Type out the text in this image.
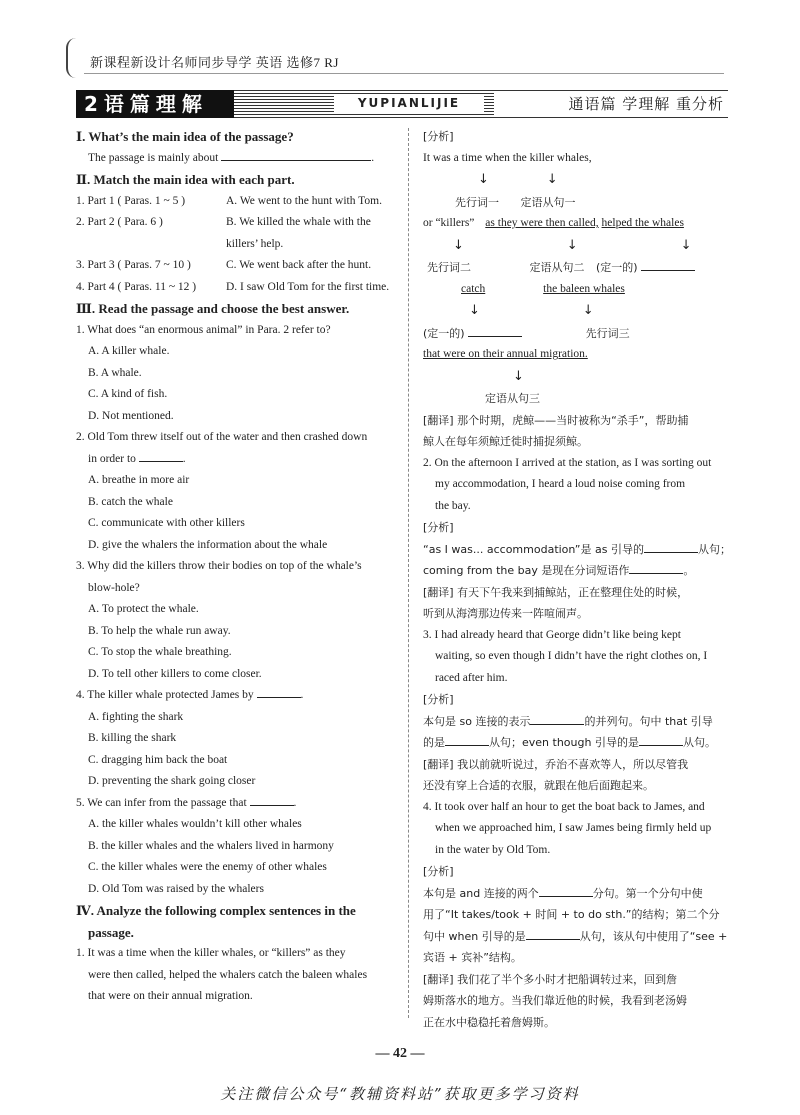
新课程新设计名师同步导学 英语 选修7 RJ
2语篇理解	YUPIANLIJIE	通语篇 学理解 重分析
Ⅰ. What’s the main idea of the passage?
The passage is mainly about	.
Ⅱ. Match the main idea with each part.
1. Part 1 ( Paras. 1 ~ 5 )	A. We went to the hunt with Tom.
2. Part 2 ( Para. 6 )	B. We killed the whale with the killers’ help.
3. Part 3 ( Paras. 7 ~ 10 )	C. We went back after the hunt.
4. Part 4 ( Paras. 11 ~ 12 )	D. I saw Old Tom for the first time.
Ⅲ. Read the passage and choose the best answer.
1. What does “an enormous animal” in Para. 2 refer to?
A. A killer whale.B. A whale.
C. A kind of fish.D. Not mentioned.
2. Old Tom threw itself out of the water and then crashed down
in order to	.
A. breathe in more air
B. catch the whale
C. communicate with other killers
D. give the whalers the information about the whale
3. Why did the killers throw their bodies on top of the whale’s
blow-hole?
A. To protect the whale.
B. To help the whale run away.
C. To stop the whale breathing.
D. To tell other killers to come closer.
4. The killer whale protected James by	.
A. fighting the shark
B. killing the shark
C. dragging him back the boat
D. preventing the shark going closer
5. We can infer from the passage that	.
A. the killer whales wouldn’t kill other whales
B. the killer whales and the whalers lived in harmony
C. the killer whales were the enemy of other whales
D. Old Tom was raised by the whalers
Ⅳ. Analyze the following complex sentences in the
passage.
1. It was a time when the killer whales, or “killers” as they
were then called, helped the whalers catch the baleen whales
that were on their annual migration.
[分析]
It was a time when the killer whales,
↓	↓
先行词一 定语从句一
or “killers” as they were then called, helped the whales
↓	↓	↓
先行词二	定语从句二 (定一的)
catch	the baleen whales
↓	↓
(定一的)	先行词三
that were on their annual migration.
↓
定语从句三
[翻译] 那个时期，虎鲸——当时被称为“杀手”，帮助捕
鲸人在每年须鲸迁徙时捕捉须鲸。
2. On the afternoon I arrived at the station, as I was sorting out
my accommodation, I heard a loud noise coming from
the bay.
[分析]
“as I was... accommodation”是 as 引导的	从句；
coming from the bay 是现在分词短语作	。
[翻译] 有天下午我来到捕鲸站，正在整理住处的时候，
听到从海湾那边传来一阵喧闹声。
3. I had already heard that George didn’t like being kept
waiting, so even though I didn’t have the right clothes on, I
raced after him.
[分析]
本句是 so 连接的表示	的并列句。句中 that 引导
的是	从句；even though 引导的是	从句。
[翻译] 我以前就听说过，乔治不喜欢等人，所以尽管我
还没有穿上合适的衣服，就跟在他后面跑起来。
4. It took over half an hour to get the boat back to James, and
when we approached him, I saw James being firmly held up
in the water by Old Tom.
[分析]
本句是 and 连接的两个	分句。第一个分句中使
用了“It takes/took + 时间 + to do sth.”的结构；第二个分
句中 when 引导的是	从句，该从句中使用了“see +
宾语 + 宾补”结构。
[翻译] 我们花了半个多小时才把船调转过来，回到詹
姆斯落水的地方。当我们靠近他的时候，我看到老汤姆
正在水中稳稳托着詹姆斯。
— 42 —
关注微信公众号“教辅资料站”获取更多学习资料
